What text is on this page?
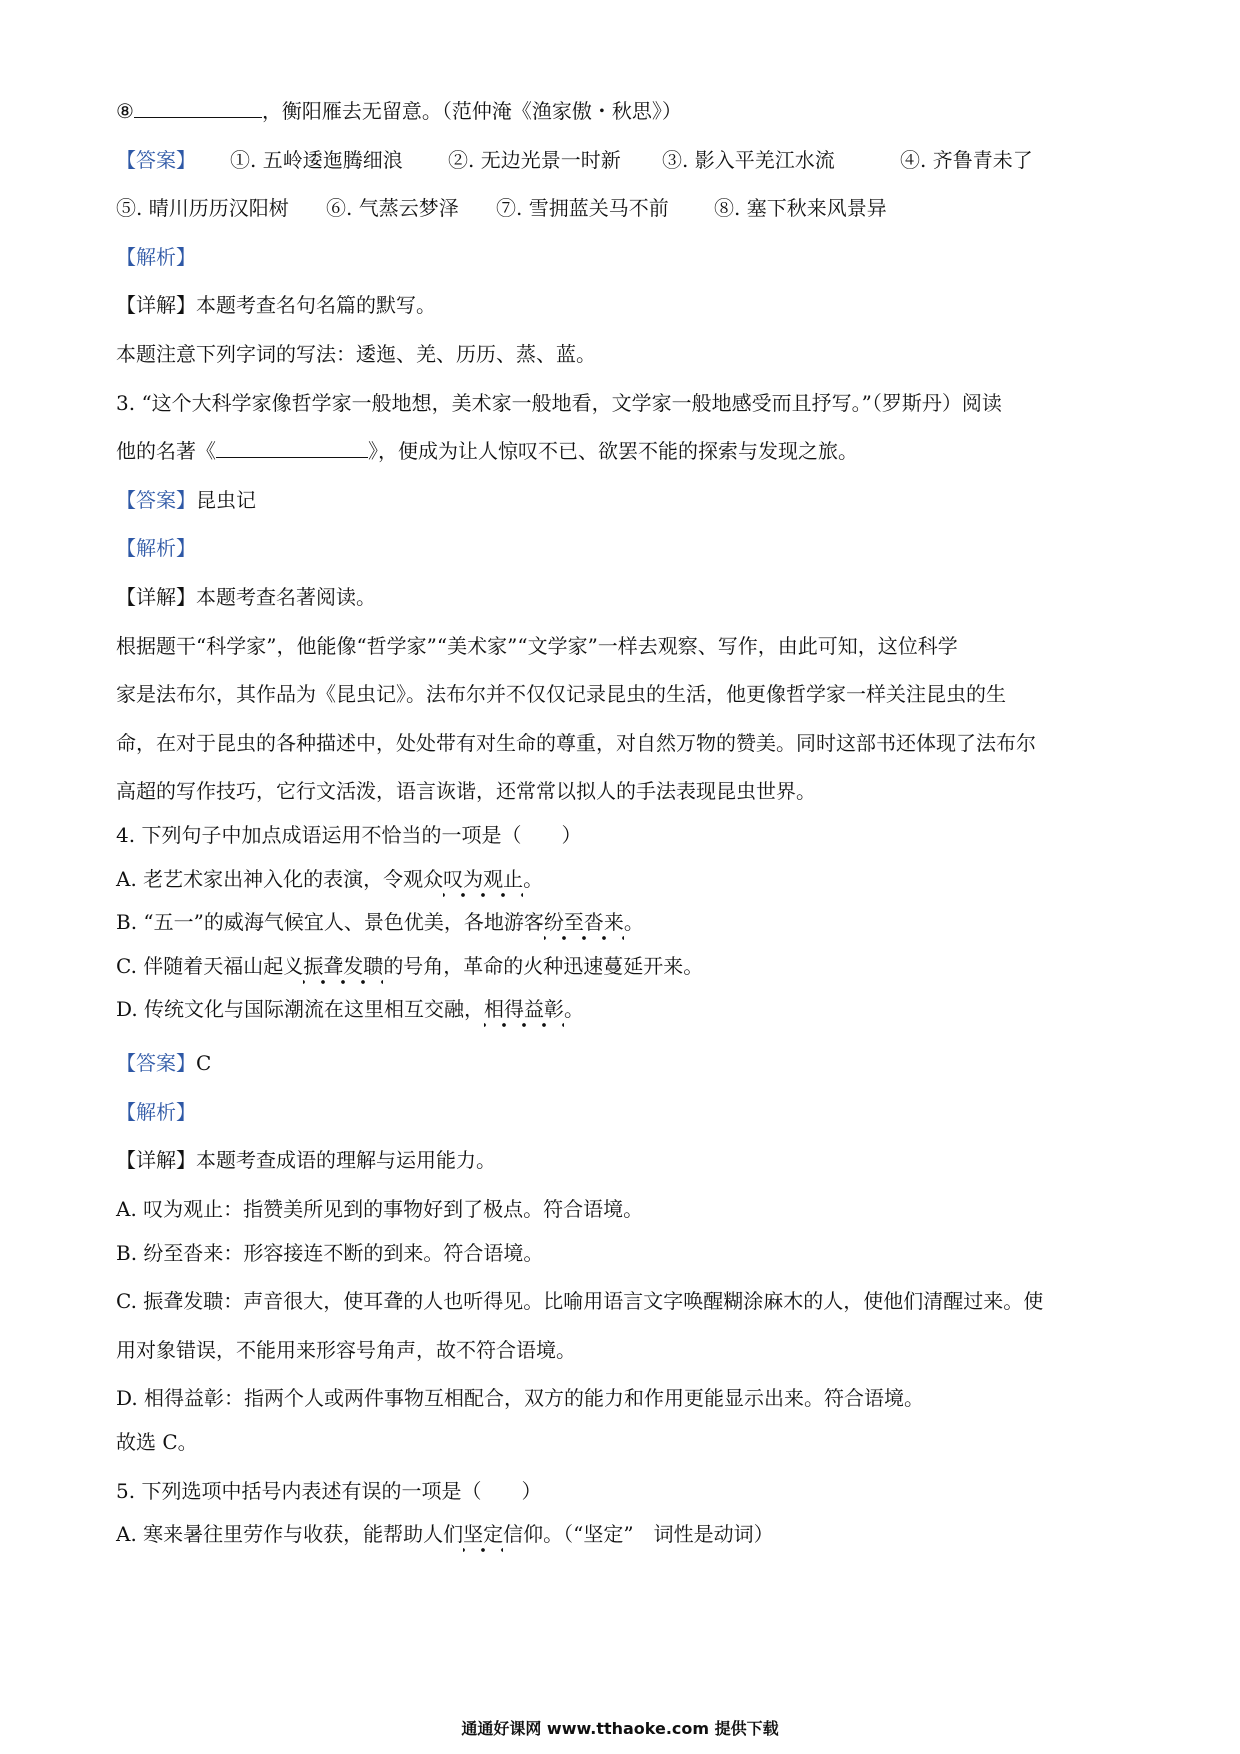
⑧	，衡阳雁去无留意。（范仲淹《渔家傲・秋思》）

【答案】	①. 五岭逶迤腾细浪	②. 无边光景一时新	③. 影入平羌江水流	④. 齐鲁青未了
⑤. 晴川历历汉阳树	⑥. 气蒸云梦泽	⑦. 雪拥蓝关马不前	⑧. 塞下秋来风景异

【解析】

【详解】本题考查名句名篇的默写。

本题注意下列字词的写法：逶迤、羌、历历、蒸、蓝。

3. “这个大科学家像哲学家一般地想，美术家一般地看，文学家一般地感受而且抒写。”（罗斯丹）阅读

他的名著《	》，便成为让人惊叹不已、欲罢不能的探索与发现之旅。

【答案】昆虫记

【解析】

【详解】本题考查名著阅读。

根据题干“科学家”，他能像“哲学家”“美术家”“文学家”一样去观察、写作，由此可知，这位科学

家是法布尔，其作品为《昆虫记》。法布尔并不仅仅记录昆虫的生活，他更像哲学家一样关注昆虫的生

命，在对于昆虫的各种描述中，处处带有对生命的尊重，对自然万物的赞美。同时这部书还体现了法布尔

高超的写作技巧，它行文活泼，语言诙谐，还常常以拟人的手法表现昆虫世界。

4. 下列句子中加点成语运用不恰当的一项是（　　）

A. 老艺术家出神入化的表演，令观众叹为观止。

B. “五一”的威海气候宜人、景色优美，各地游客纷至沓来。

C. 伴随着天福山起义振聋发聩的号角，革命的火种迅速蔓延开来。

D. 传统文化与国际潮流在这里相互交融，相得益彰。

【答案】C

【解析】

【详解】本题考查成语的理解与运用能力。

A. 叹为观止：指赞美所见到的事物好到了极点。符合语境。

B. 纷至沓来：形容接连不断的到来。符合语境。

C. 振聋发聩：声音很大，使耳聋的人也听得见。比喻用语言文字唤醒糊涂麻木的人，使他们清醒过来。使

用对象错误，不能用来形容号角声，故不符合语境。

D. 相得益彰：指两个人或两件事物互相配合，双方的能力和作用更能显示出来。符合语境。

故选 C。

5. 下列选项中括号内表述有误的一项是（　　）

A. 寒来暑往里劳作与收获，能帮助人们坚定信仰。（“坚定”　词性是动词）

通通好课网 www.tthaoke.com 提供下载
